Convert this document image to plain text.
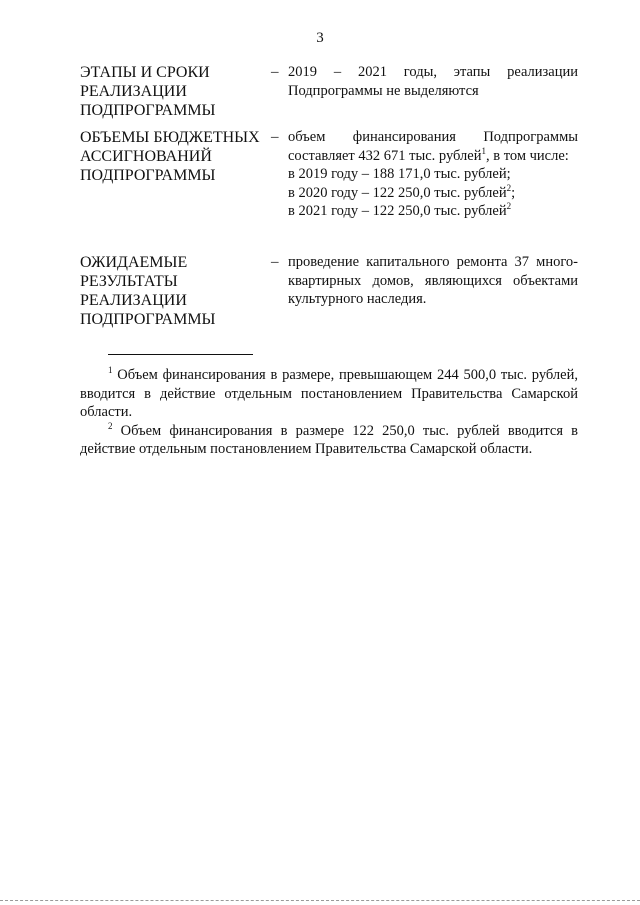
3
ЭТАПЫ И СРОКИ
РЕАЛИЗАЦИИ
ПОДПРОГРАММЫ
– 2019 – 2021 годы, этапы реализации Подпрограммы не выделяются

ОБЪЕМЫ БЮДЖЕТНЫХ
АССИГНОВАНИЙ
ПОДПРОГРАММЫ
– объем финансирования Подпрограммы составляет 432 671 тыс. рублей$^1$, в том числе:

в 2019 году – 188 171,0 тыс. рублей;

в 2020 году – 122 250,0 тыс. рублей$^2$;

в 2021 году – 122 250,0 тыс. рублей$^2$

ОЖИДАЕМЫЕ
РЕЗУЛЬТАТЫ
РЕАЛИЗАЦИИ
ПОДПРОГРАММЫ
– проведение капитального ремонта 37 много-квартирных домов, являющихся объектами культурного наследия.

$^1$ Объем финансирования в размере, превышающем 244 500,0 тыс. рублей, вводится в действие отдельным постановлением Правительства Самарской области.

$^2$ Объем финансирования в размере 122 250,0 тыс. рублей вводится в действие отдельным постановлением Правительства Самарской области.
